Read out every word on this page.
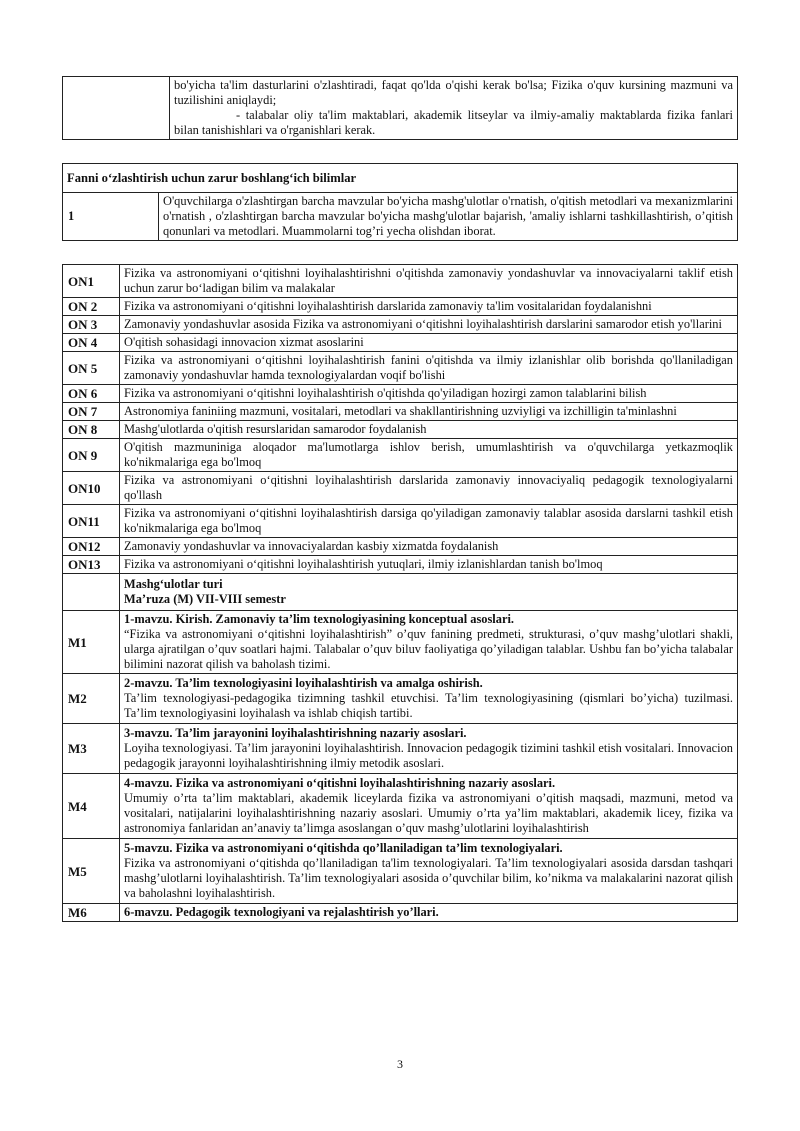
	bo'yicha ta'lim dasturlarini o'zlashtiradi, faqat qo'lda o'qishi kerak bo'lsa; Fizika o'quv kursining mazmuni va tuzilishini aniqlaydi;
- talabalar oliy ta'lim maktablari, akademik litseylar va ilmiy-amaliy maktablarda fizika fanlari bilan tanishishlari va o'rganishlari kerak.
Fanni o‘zlashtirish uchun zarur boshlang‘ich bilimlar
1	O'quvchilarga o'zlashtirgan barcha mavzular bo'yicha mashg'ulotlar o'rnatish, o'qitish metodlari va mexanizmlarini o'rnatish , o'zlashtirgan barcha mavzular bo'yicha mashg'ulotlar bajarish, 'amaliy ishlarni tashkillashtirish, o’qitish qonunlari va metodlari. Muammolarni tog’ri yecha olishdan iborat.
ON1	Fizika va astronomiyani o‘qitishni loyihalashtirishni o'qitishda zamonaviy yondashuvlar va innovaciyalarni taklif etish uchun zarur bo‘ladigan bilim va malakalar
ON 2	Fizika va astronomiyani o‘qitishni loyihalashtirish darslarida zamonaviy ta'lim vositalaridan foydalanishni
ON 3	Zamonaviy yondashuvlar asosida Fizika va astronomiyani o‘qitishni loyihalashtirish darslarini samarodor etish yo'llarini
ON 4	O'qitish sohasidagi innovacion xizmat asoslarini
ON 5	Fizika va astronomiyani o‘qitishni loyihalashtirish fanini o'qitishda va ilmiy izlanishlar olib borishda qo'llaniladigan zamonaviy yondashuvlar hamda texnologiyalardan voqif bo'lishi
ON 6	Fizika va astronomiyani o‘qitishni loyihalashtirish o'qitishda qo'yiladigan hozirgi zamon talablarini bilish
ON 7	Astronomiya faniniing mazmuni, vositalari, metodlari va shakllantirishning uzviyligi va izchilligin ta'minlashni
ON 8	Mashg'ulotlarda o'qitish resurslaridan samarodor foydalanish
ON 9	O'qitish mazmuniniga aloqador ma'lumotlarga ishlov berish, umumlashtirish va o'quvchilarga yetkazmoqlik ko'nikmalariga ega bo'lmoq
ON10	Fizika va astronomiyani o‘qitishni loyihalashtirish darslarida zamonaviy innovaciyaliq pedagogik texnologiyalarni qo'llash
ON11	Fizika va astronomiyani o‘qitishni loyihalashtirish darsiga qo'yiladigan zamonaviy talablar asosida darslarni tashkil etish ko'nikmalariga ega bo'lmoq
ON12	Zamonaviy yondashuvlar va innovaciyalardan kasbiy xizmatda foydalanish
ON13	Fizika va astronomiyani o‘qitishni loyihalashtirish yutuqlari, ilmiy izlanishlardan tanish bo'lmoq
	Mashg‘ulotlar turi
Ma’ruza (M) VII-VIII semestr
M1	1-mavzu. Kirish. Zamonaviy ta’lim texnologiyasining konceptual asoslari.
“Fizika va astronomiyani o‘qitishni loyihalashtirish” o’quv fanining predmeti, strukturasi, o’quv mashg’ulotlari shakli, ularga ajratilgan o’quv soatlari hajmi. Talabalar o’quv biluv faoliyatiga qo’yiladigan talablar. Ushbu fan bo’yicha talabalar bilimini nazorat qilish va baholash tizimi.

M2	2-mavzu. Ta’lim texnologiyasini loyihalashtirish va amalga oshirish.
Ta’lim texnologiyasi-pedagogika tizimning tashkil etuvchisi. Ta’lim texnologiyasining (qismlari bo’yicha) tuzilmasi. Ta’lim texnologiyasini loyihalash va ishlab chiqish tartibi.

M3	3-mavzu. Ta’lim jarayonini loyihalashtirishning nazariy asoslari.
Loyiha texnologiyasi. Ta’lim jarayonini loyihalashtirish. Innovacion pedagogik tizimini tashkil etish vositalari. Innovacion pedagogik jarayonni loyihalashtirishning ilmiy metodik asoslari.

M4	4-mavzu. Fizika va astronomiyani o‘qitishni loyihalashtirishning nazariy asoslari.
Umumiy o’rta ta’lim maktablari, akademik liceylarda fizika va astronomiyani o’qitish maqsadi, mazmuni, metod va vositalari, natijalarini loyihalashtirishning nazariy asoslari. Umumiy o’rta ya’lim maktablari, akademik licey, fizika va astronomiya fanlaridan an’anaviy ta’limga asoslangan o’quv mashg’ulotlarini loyihalashtirish

M5	5-mavzu. Fizika va astronomiyani o‘qitishda qo’llaniladigan ta’lim texnologiyalari.
Fizika va astronomiyani o‘qitishda qo’llaniladigan ta'lim texnologiyalari. Ta’lim texnologiyalari asosida darsdan tashqari mashg’ulotlarni loyihalashtirish. Ta’lim texnologiyalari asosida o’quvchilar bilim, ko’nikma va malakalarini nazorat qilish va baholashni loyihalashtirish.

M6	6-mavzu. Pedagogik texnologiyani va rejalashtirish yo’llari.
3
